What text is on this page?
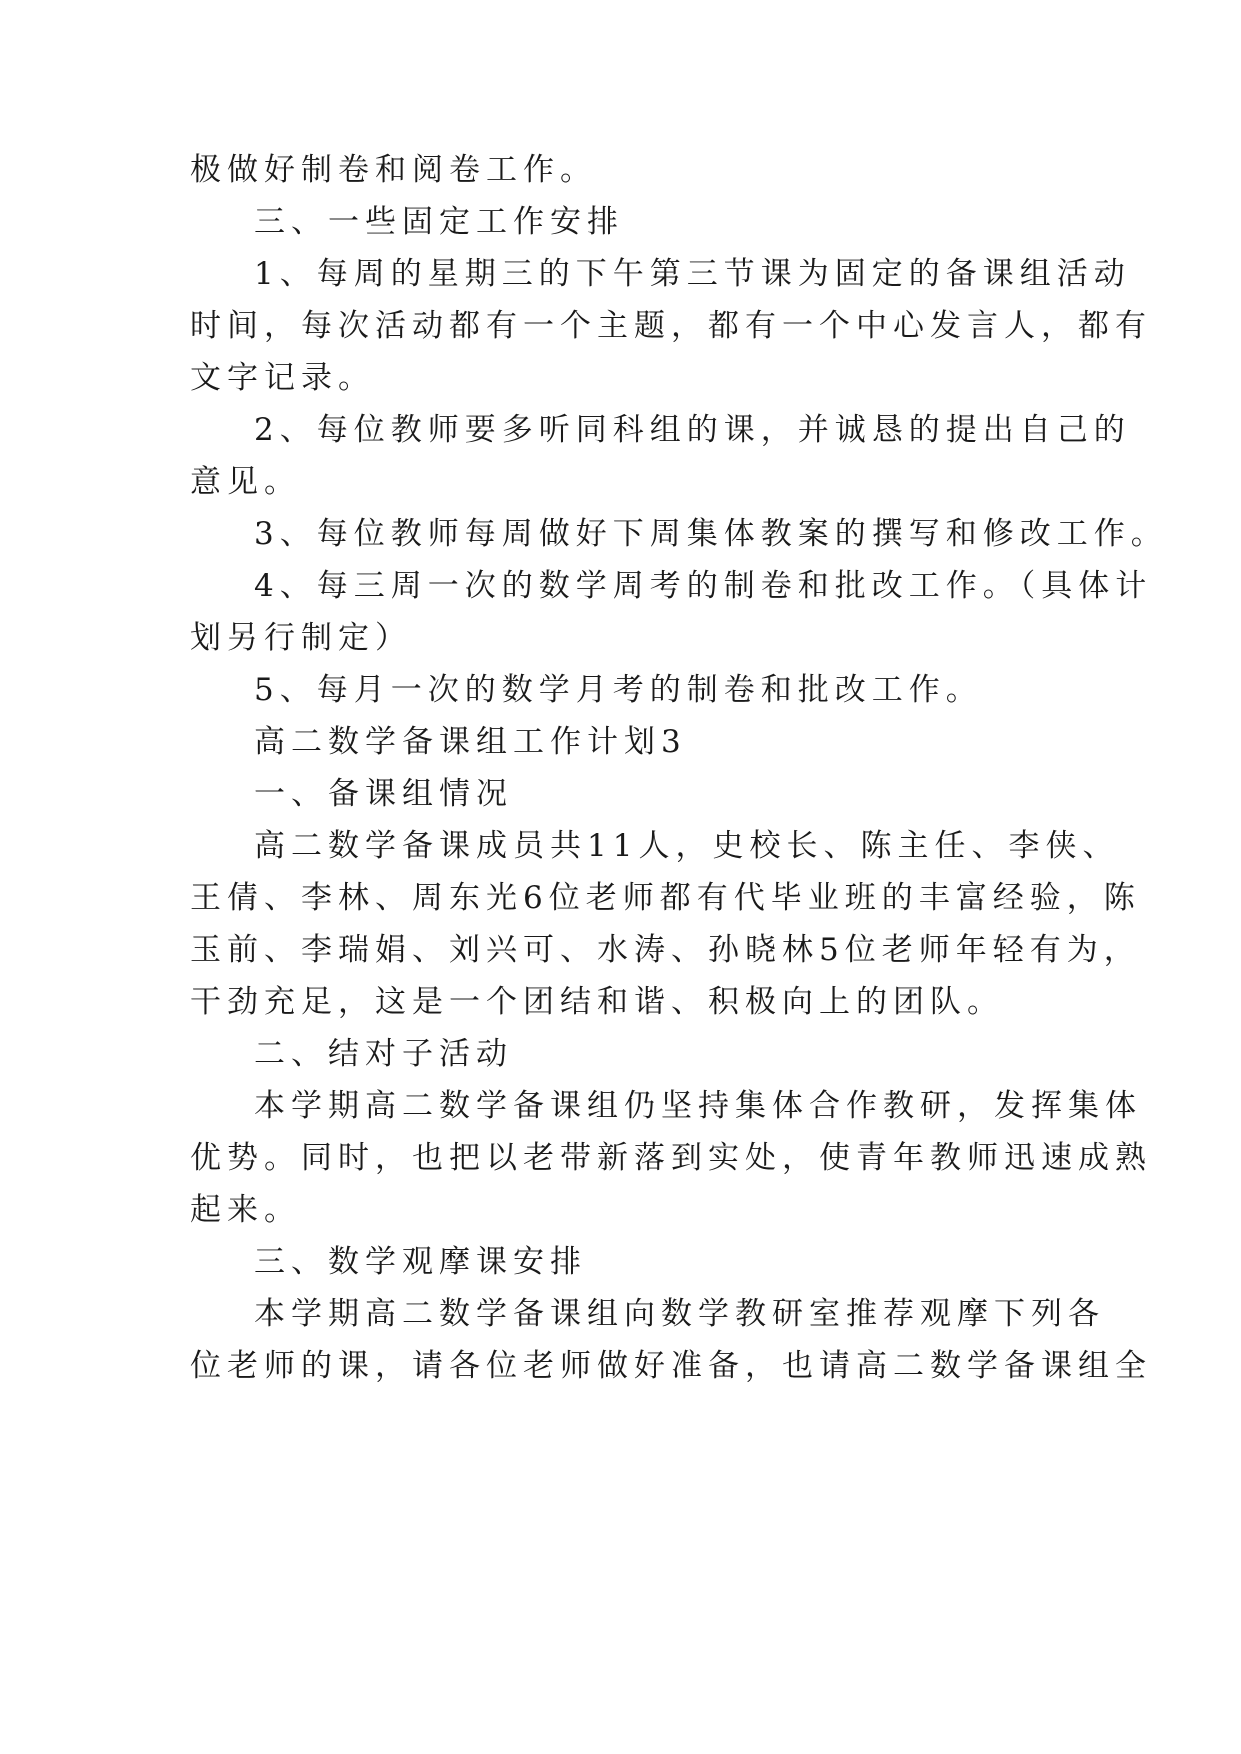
极做好制卷和阅卷工作。
三、一些固定工作安排
1、每周的星期三的下午第三节课为固定的备课组活动
时间，每次活动都有一个主题，都有一个中心发言人，都有
文字记录。
2、每位教师要多听同科组的课，并诚恳的提出自己的
意见。
3、每位教师每周做好下周集体教案的撰写和修改工作。
4、每三周一次的数学周考的制卷和批改工作。（具体计
划另行制定）
5、每月一次的数学月考的制卷和批改工作。
高二数学备课组工作计划3
一、备课组情况
高二数学备课成员共11人，史校长、陈主任、李侠、
王倩、李林、周东光6位老师都有代毕业班的丰富经验，陈
玉前、李瑞娟、刘兴可、水涛、孙晓林5位老师年轻有为，
干劲充足，这是一个团结和谐、积极向上的团队。
二、结对子活动
本学期高二数学备课组仍坚持集体合作教研，发挥集体
优势。同时，也把以老带新落到实处，使青年教师迅速成熟
起来。
三、数学观摩课安排
本学期高二数学备课组向数学教研室推荐观摩下列各
位老师的课，请各位老师做好准备，也请高二数学备课组全
